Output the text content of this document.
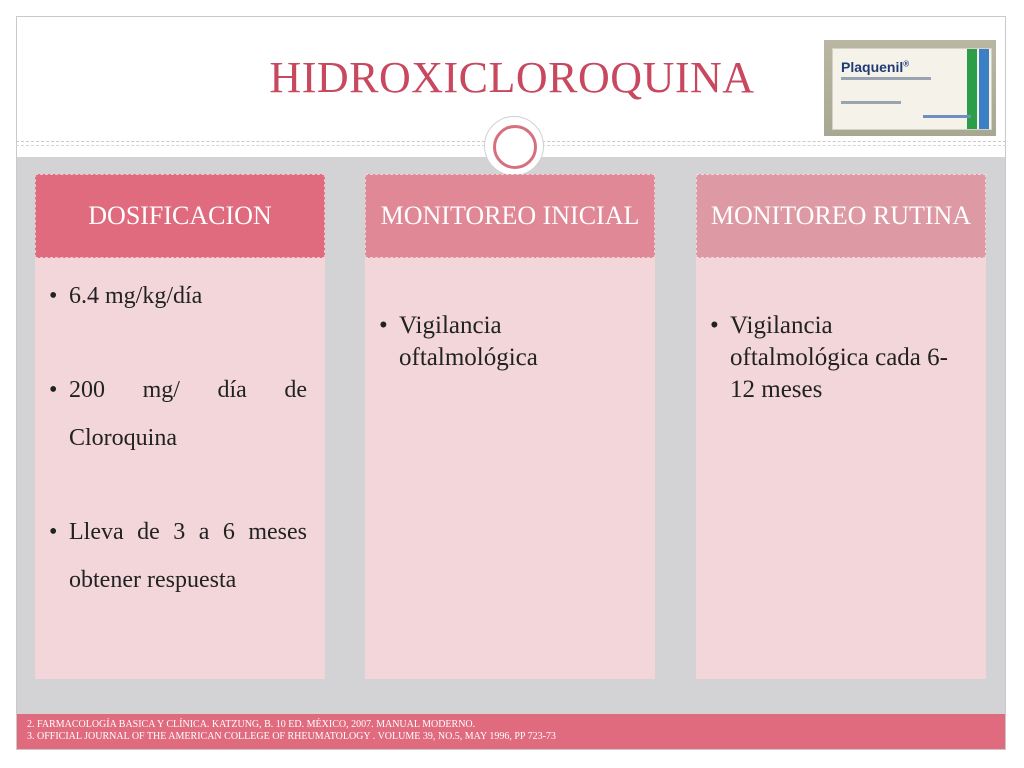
HIDROXICLOROQUINA	Plaquenil®
DOSIFICACION
• 6.4 mg/kg/día
• 200 mg/ día de Cloroquina
• Lleva de 3 a 6 meses obtener respuesta
MONITOREO INICIAL
• Vigilancia oftalmológica
MONITOREO RUTINA
• Vigilancia oftalmológica cada 6- 12 meses
2. FARMACOLOGÍA BASICA Y CLÍNICA. KATZUNG, B. 10 ED. MÉXICO, 2007. MANUAL MODERNO.
3. OFFICIAL JOURNAL OF THE AMERICAN COLLEGE OF RHEUMATOLOGY . VOLUME 39, NO.5, MAY 1996, PP 723-73
